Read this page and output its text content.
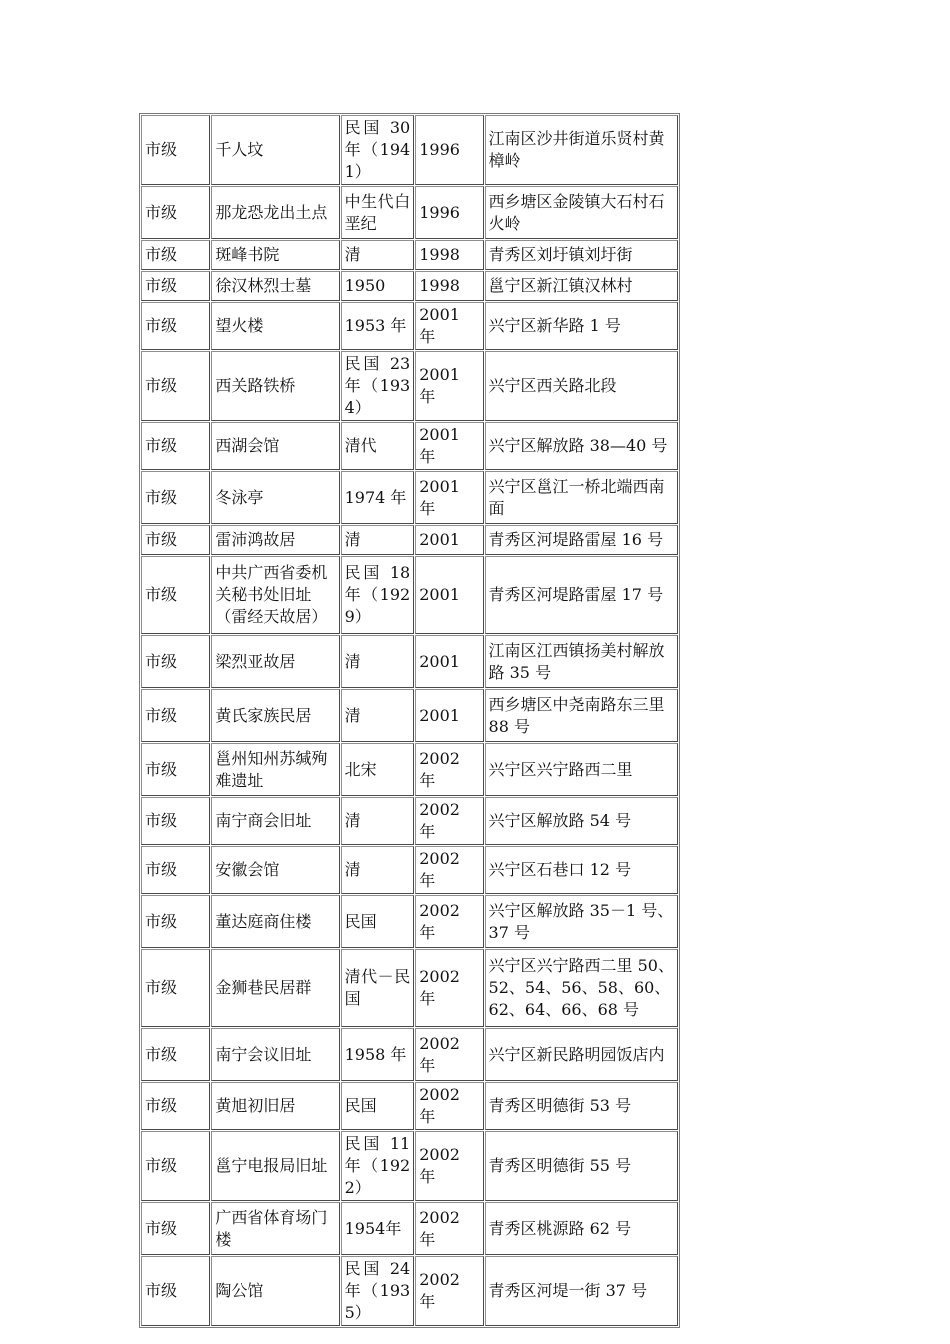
市级	千人坟	民国 30 年（1941）	1996	江南区沙井街道乐贤村黄樟岭
市级	那龙恐龙出土点	中生代白垩纪	1996	西乡塘区金陵镇大石村石火岭
市级	斑峰书院	清	1998	青秀区刘圩镇刘圩街
市级	徐汉林烈士墓	1950	1998	邕宁区新江镇汉林村
市级	望火楼	1953 年	2001 年	兴宁区新华路 1 号
市级	西关路铁桥	民国 23 年（1934）	2001 年	兴宁区西关路北段
市级	西湖会馆	清代	2001 年	兴宁区解放路 38—40 号
市级	冬泳亭	1974 年	2001 年	兴宁区邕江一桥北端西南面
市级	雷沛鸿故居	清	2001	青秀区河堤路雷屋 16 号
市级	中共广西省委机关秘书处旧址（雷经天故居）	民国 18 年（1929）	2001	青秀区河堤路雷屋 17 号
市级	梁烈亚故居	清	2001	江南区江西镇扬美村解放路 35 号
市级	黄氏家族民居	清	2001	西乡塘区中尧南路东三里 88 号
市级	邕州知州苏缄殉难遗址	北宋	2002 年	兴宁区兴宁路西二里
市级	南宁商会旧址	清	2002 年	兴宁区解放路 54 号
市级	安徽会馆	清	2002 年	兴宁区石巷口 12 号
市级	董达庭商住楼	民国	2002 年	兴宁区解放路 35－1 号、37 号
市级	金狮巷民居群	清代－民国	2002 年	兴宁区兴宁路西二里 50、52、54、56、58、60、62、64、66、68 号
市级	南宁会议旧址	1958 年	2002 年	兴宁区新民路明园饭店内
市级	黄旭初旧居	民国	2002 年	青秀区明德街 53 号
市级	邕宁电报局旧址	民国 11 年（1922）	2002 年	青秀区明德街 55 号
市级	广西省体育场门楼	1954年	2002 年	青秀区桃源路 62 号
市级	陶公馆	民国 24 年（1935）	2002 年	青秀区河堤一街 37 号
